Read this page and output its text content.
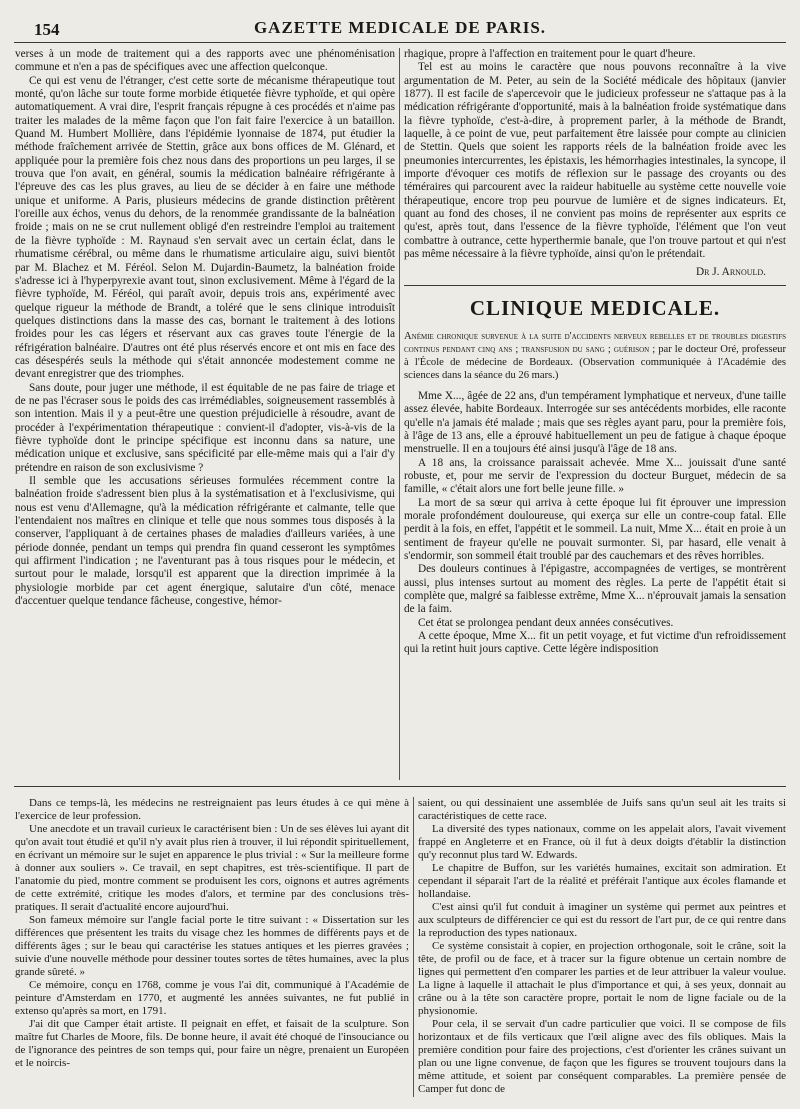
154	GAZETTE MEDICALE DE PARIS.

verses à un mode de traitement qui a des rapports avec une phénoménisation commune et n'en a pas de spécifiques avec une affection quelconque.

Ce qui est venu de l'étranger, c'est cette sorte de mécanisme thérapeutique tout monté, qu'on lâche sur toute forme morbide étiquetée fièvre typhoïde, et qui opère automatiquement. A vrai dire, l'esprit français répugne à ces procédés et n'aime pas traiter les malades de la même façon que l'on fait faire l'exercice à un bataillon. Quand M. Humbert Mollière, dans l'épidémie lyonnaise de 1874, put étudier la méthode fraîchement arrivée de Stettin, grâce aux bons offices de M. Glénard, et appliquée pour la première fois chez nous dans des proportions un peu larges, il se trouva que l'on avait, en général, soumis la médication balnéaire réfrigérante à l'épreuve des cas les plus graves, au lieu de se décider à en faire une méthode unique et uniforme. A Paris, plusieurs médecins de grande distinction prêtèrent l'oreille aux échos, venus du dehors, de la renommée grandissante de la balnéation froide ; mais on ne se crut nullement obligé d'en restreindre l'emploi au traitement de la fièvre typhoïde : M. Raynaud s'en servait avec un certain éclat, dans le rhumatisme cérébral, ou même dans le rhumatisme articulaire aigu, suivi bientôt par M. Blachez et M. Féréol. Selon M. Dujardin-Baumetz, la balnéation froide s'adresse ici à l'hyperpyrexie avant tout, sinon exclusivement. Même à l'égard de la fièvre typhoïde, M. Féréol, qui paraît avoir, depuis trois ans, expérimenté avec quelque rigueur la méthode de Brandt, a toléré que le sens clinique introduisît quelques distinctions dans la masse des cas, bornant le traitement à des lotions froides pour les cas légers et réservant aux cas graves toute l'énergie de la réfrigération balnéaire. D'autres ont été plus réservés encore et ont mis en face des cas désespérés seuls la méthode qui s'était annoncée modestement comme ne devant enregistrer que des triomphes.

Sans doute, pour juger une méthode, il est équitable de ne pas faire de triage et de ne pas l'écraser sous le poids des cas irrémédiables, soigneusement rassemblés à son intention. Mais il y a peut-être une question préjudicielle à résoudre, avant de procéder à l'expérimentation thérapeutique : convient-il d'adopter, vis-à-vis de la fièvre typhoïde dont le principe spécifique est inconnu dans sa nature, une médication unique et exclusive, sans spécificité par elle-même mais qui a l'air d'y prétendre en raison de son exclusivisme ?

Il semble que les accusations sérieuses formulées récemment contre la balnéation froide s'adressent bien plus à la systématisation et à l'exclusivisme, qui nous est venu d'Allemagne, qu'à la médication réfrigérante et calmante, telle que l'entendaient nos maîtres en clinique et telle que nous sommes tous disposés à la conserver, l'appliquant à de certaines phases de maladies d'ailleurs variées, à une période donnée, pendant un temps qui prendra fin quand cesseront les symptômes qui affirment l'indication ; ne l'aventurant pas à tous risques pour le médecin, et surtout pour le malade, lorsqu'il est apparent que la direction imprimée à la physiologie morbide par cet agent énergique, salutaire d'un côté, menace d'accentuer quelque tendance fâcheuse, congestive, hémor-

rhagique, propre à l'affection en traitement pour le quart d'heure.

Tel est au moins le caractère que nous pouvons reconnaître à la vive argumentation de M. Peter, au sein de la Société médicale des hôpitaux (janvier 1877). Il est facile de s'apercevoir que le judicieux professeur ne s'attaque pas à la médication réfrigérante d'opportunité, mais à la balnéation froide systématique dans la fièvre typhoïde, c'est-à-dire, à proprement parler, à la méthode de Brandt, laquelle, à ce point de vue, peut parfaitement être laissée pour compte au clinicien de Stettin. Quels que soient les rapports réels de la balnéation froide avec les pneumonies intercurrentes, les épistaxis, les hémorrhagies intestinales, la syncope, il importe d'évoquer ces motifs de réflexion sur le passage des croyants ou des téméraires qui parcourent avec la raideur habituelle au système cette nouvelle voie thérapeutique, encore trop peu pourvue de lumière et de signes indicateurs. Et, quant au fond des choses, il ne convient pas moins de représenter aux esprits ce qu'est, après tout, dans l'essence de la fièvre typhoïde, l'élément que l'on veut combattre à outrance, cette hyperthermie banale, que l'on trouve partout et qui n'est pas même nécessaire à la fièvre typhoïde, ainsi qu'on le prétendait.

Dr J. Arnould.
CLINIQUE MEDICALE.
Anémie chronique survenue à la suite d'accidents nerveux rebelles et de troubles digestifs continus pendant cinq ans ; transfusion du sang ; guérison ; par le docteur Oré, professeur à l'École de médecine de Bordeaux. (Observation communiquée à l'Académie des sciences dans la séance du 26 mars.)

Mme X..., âgée de 22 ans, d'un tempérament lymphatique et nerveux, d'une taille assez élevée, habite Bordeaux. Interrogée sur ses antécédents morbides, elle raconte qu'elle n'a jamais été malade ; mais que ses règles ayant paru, pour la première fois, à l'âge de 13 ans, elle a éprouvé habituellement un peu de fatigue à chaque époque menstruelle. Il en a toujours été ainsi jusqu'à l'âge de 18 ans.

A 18 ans, la croissance paraissait achevée. Mme X... jouissait d'une santé robuste, et, pour me servir de l'expression du docteur Burguet, médecin de sa famille, « c'était alors une fort belle jeune fille. »

La mort de sa sœur qui arriva à cette époque lui fit éprouver une impression morale profondément douloureuse, qui exerça sur elle un contre-coup fatal. Elle perdit à la fois, en effet, l'appétit et le sommeil. La nuit, Mme X... était en proie à un sentiment de frayeur qu'elle ne pouvait surmonter. Si, par hasard, elle venait à s'endormir, son sommeil était troublé par des cauchemars et des rêves horribles.

Des douleurs continues à l'épigastre, accompagnées de vertiges, se montrèrent aussi, plus intenses surtout au moment des règles. La perte de l'appétit était si complète que, malgré sa faiblesse extrême, Mme X... n'éprouvait jamais la sensation de la faim.

Cet état se prolongea pendant deux années consécutives.

A cette époque, Mme X... fit un petit voyage, et fut victime d'un refroidissement qui la retint huit jours captive. Cette légère indisposition

Dans ce temps-là, les médecins ne restreignaient pas leurs études à ce qui mène à l'exercice de leur profession.

Une anecdote et un travail curieux le caractérisent bien : Un de ses élèves lui ayant dit qu'on avait tout étudié et qu'il n'y avait plus rien à trouver, il lui répondit spirituellement, en écrivant un mémoire sur le sujet en apparence le plus trivial : « Sur la meilleure forme à donner aux souliers ». Ce travail, en sept chapitres, est très-scientifique. Il part de l'anatomie du pied, montre comment se produisent les cors, oignons et autres agréments de cette extrémité, critique les modes d'alors, et termine par des conclusions très-pratiques. Il serait d'actualité encore aujourd'hui.

Son fameux mémoire sur l'angle facial porte le titre suivant : « Dissertation sur les différences que présentent les traits du visage chez les hommes de différents pays et de différents âges ; sur le beau qui caractérise les statues antiques et les pierres gravées ; suivie d'une nouvelle méthode pour dessiner toutes sortes de têtes humaines, avec la plus grande sûreté. »

Ce mémoire, conçu en 1768, comme je vous l'ai dit, communiqué à l'Académie de peinture d'Amsterdam en 1770, et augmenté les années suivantes, ne fut publié in extenso qu'après sa mort, en 1791.

J'ai dit que Camper était artiste. Il peignait en effet, et faisait de la sculpture. Son maître fut Charles de Moore, fils. De bonne heure, il avait été choqué de l'insouciance ou de l'ignorance des peintres de son temps qui, pour faire un nègre, prenaient un Européen et le noircis-

saient, ou qui dessinaient une assemblée de Juifs sans qu'un seul ait les traits si caractéristiques de cette race.

La diversité des types nationaux, comme on les appelait alors, l'avait vivement frappé en Angleterre et en France, où il fut à deux doigts d'établir la distinction qu'y reconnut plus tard W. Edwards.

Le chapitre de Buffon, sur les variétés humaines, excitait son admiration. Et cependant il séparait l'art de la réalité et préférait l'antique aux écoles flamande et hollandaise.

C'est ainsi qu'il fut conduit à imaginer un système qui permet aux peintres et aux sculpteurs de différencier ce qui est du ressort de l'art pur, de ce qui rentre dans la reproduction des types nationaux.

Ce système consistait à copier, en projection orthogonale, soit le crâne, soit la tête, de profil ou de face, et à tracer sur la figure obtenue un certain nombre de lignes qui permettent d'en comparer les parties et de leur attribuer la valeur voulue. La ligne à laquelle il attachait le plus d'importance et qui, à ses yeux, donnait au crâne ou à la tête son caractère propre, portait le nom de ligne faciale ou de la physionomie.

Pour cela, il se servait d'un cadre particulier que voici. Il se compose de fils horizontaux et de fils verticaux que l'œil aligne avec des fils obliques. Mais la première condition pour faire des projections, c'est d'orienter les crânes suivant un plan ou une ligne convenue, de façon que les figures se trouvent toujours dans la même attitude, et soient par conséquent comparables. La première pensée de Camper fut donc de
